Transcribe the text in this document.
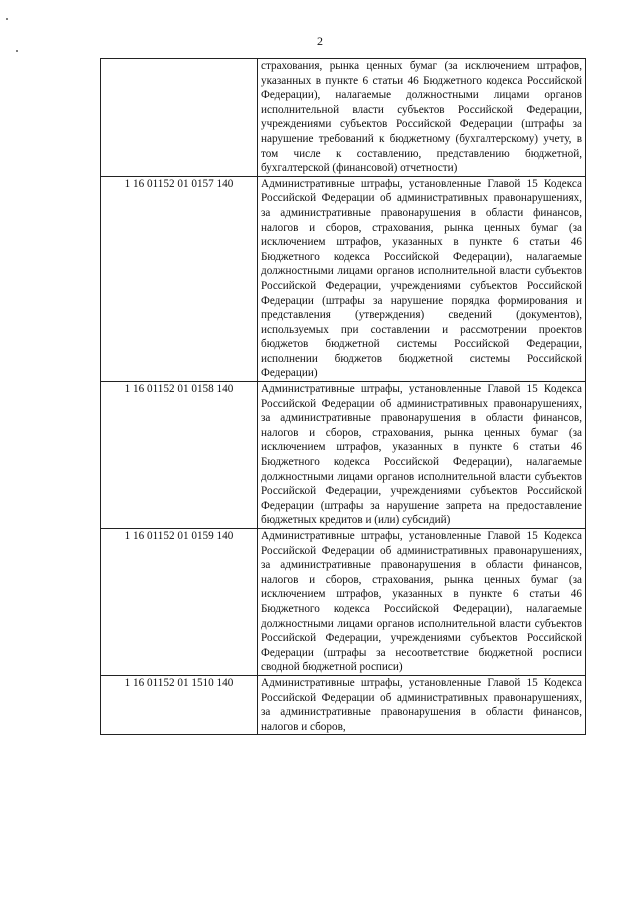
2
	страхования, рынка ценных бумаг (за исключением штрафов, указанных в пункте 6 статьи 46 Бюджетного кодекса Российской Федерации), налагаемые должностными лицами органов исполнительной власти субъектов Российской Федерации, учреждениями субъектов Российской Федерации (штрафы за нарушение требований к бюджетному (бухгалтерскому) учету, в том числе к составлению, представлению бюджетной, бухгалтерской (финансовой) отчетности)
1 16 01152 01 0157 140	Административные штрафы, установленные Главой 15 Кодекса Российской Федерации об административных правонарушениях, за административные правонарушения в области финансов, налогов и сборов, страхования, рынка ценных бумаг (за исключением штрафов, указанных в пункте 6 статьи 46 Бюджетного кодекса Российской Федерации), налагаемые должностными лицами органов исполнительной власти субъектов Российской Федерации, учреждениями субъектов Российской Федерации (штрафы за нарушение порядка формирования и представления (утверждения) сведений (документов), используемых при составлении и рассмотрении проектов бюджетов бюджетной системы Российской Федерации, исполнении бюджетов бюджетной системы Российской Федерации)
1 16 01152 01 0158 140	Административные штрафы, установленные Главой 15 Кодекса Российской Федерации об административных правонарушениях, за административные правонарушения в области финансов, налогов и сборов, страхования, рынка ценных бумаг (за исключением штрафов, указанных в пункте 6 статьи 46 Бюджетного кодекса Российской Федерации), налагаемые должностными лицами органов исполнительной власти субъектов Российской Федерации, учреждениями субъектов Российской Федерации (штрафы за нарушение запрета на предоставление бюджетных кредитов и (или) субсидий)
1 16 01152 01 0159 140	Административные штрафы, установленные Главой 15 Кодекса Российской Федерации об административных правонарушениях, за административные правонарушения в области финансов, налогов и сборов, страхования, рынка ценных бумаг (за исключением штрафов, указанных в пункте 6 статьи 46 Бюджетного кодекса Российской Федерации), налагаемые должностными лицами органов исполнительной власти субъектов Российской Федерации, учреждениями субъектов Российской Федерации (штрафы за несоответствие бюджетной росписи сводной бюджетной росписи)
1 16 01152 01 1510 140	Административные штрафы, установленные Главой 15 Кодекса Российской Федерации об административных правонарушениях, за административные правонарушения в области финансов, налогов и сборов,
